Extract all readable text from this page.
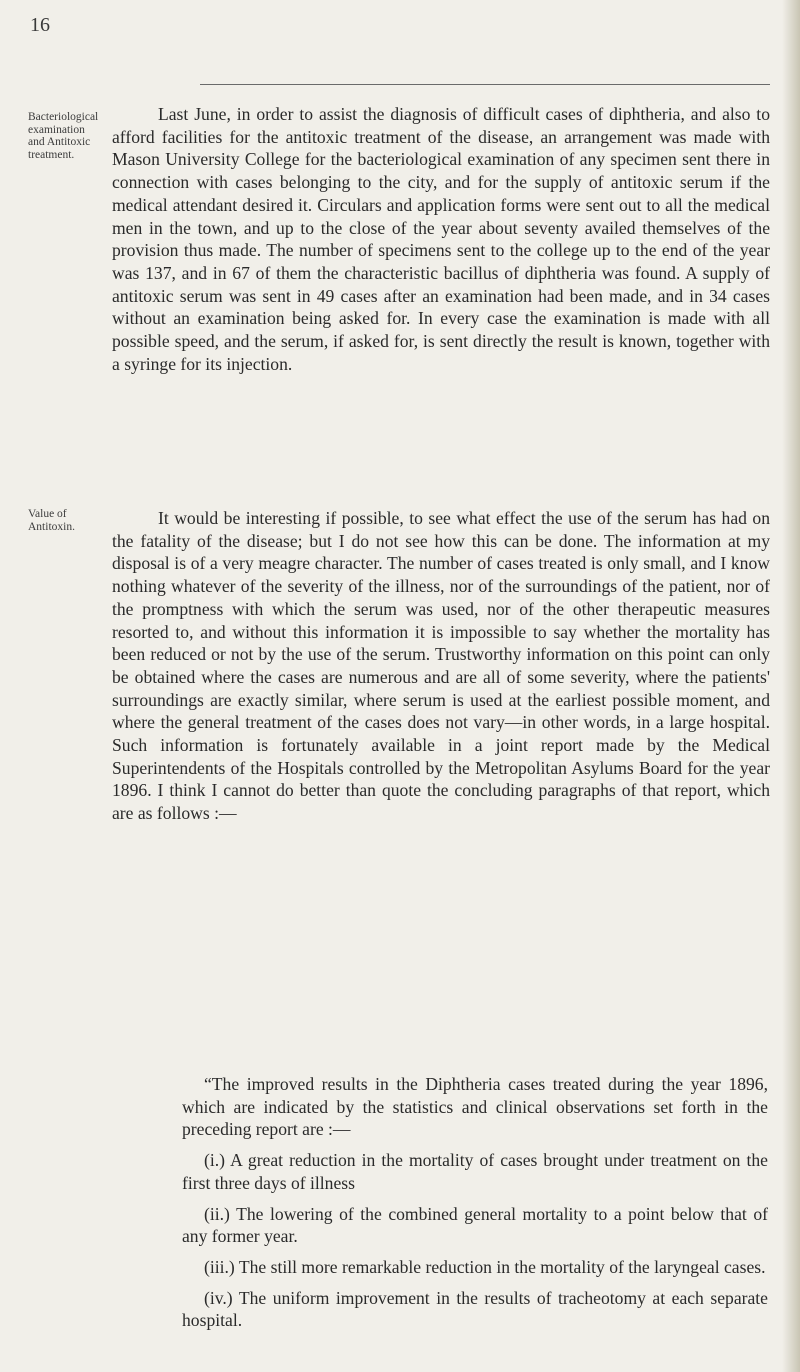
16
Bacteriological
examination
and Antitoxic
treatment.
Value of
Antitoxin.

Last June, in order to assist the diagnosis of difficult cases of diphtheria, and also to afford facilities for the antitoxic treatment of the disease, an arrangement was made with Mason University College for the bacteriological examination of any specimen sent there in connection with cases belonging to the city, and for the supply of antitoxic serum if the medical attendant desired it. Circulars and application forms were sent out to all the medical men in the town, and up to the close of the year about seventy availed themselves of the provision thus made. The number of specimens sent to the college up to the end of the year was 137, and in 67 of them the characteristic bacillus of diphtheria was found. A supply of antitoxic serum was sent in 49 cases after an examination had been made, and in 34 cases without an examination being asked for. In every case the examination is made with all possible speed, and the serum, if asked for, is sent directly the result is known, together with a syringe for its injection.

It would be interesting if possible, to see what effect the use of the serum has had on the fatality of the disease; but I do not see how this can be done. The information at my disposal is of a very meagre character. The number of cases treated is only small, and I know nothing whatever of the severity of the illness, nor of the surroundings of the patient, nor of the promptness with which the serum was used, nor of the other therapeutic measures resorted to, and without this information it is impossible to say whether the mortality has been reduced or not by the use of the serum. Trustworthy information on this point can only be obtained where the cases are numerous and are all of some severity, where the patients' surroundings are exactly similar, where serum is used at the earliest possible moment, and where the general treatment of the cases does not vary—in other words, in a large hospital. Such information is fortunately available in a joint report made by the Medical Superintendents of the Hospitals controlled by the Metropolitan Asylums Board for the year 1896. I think I cannot do better than quote the concluding paragraphs of that report, which are as follows :—

“The improved results in the Diphtheria cases treated during the year 1896, which are indicated by the statistics and clinical observations set forth in the preceding report are :—

(i.) A great reduction in the mortality of cases brought under treatment on the first three days of illness

(ii.) The lowering of the combined general mortality to a point below that of any former year.

(iii.) The still more remarkable reduction in the mortality of the laryngeal cases.

(iv.) The uniform improvement in the results of tracheotomy at each separate hospital.
